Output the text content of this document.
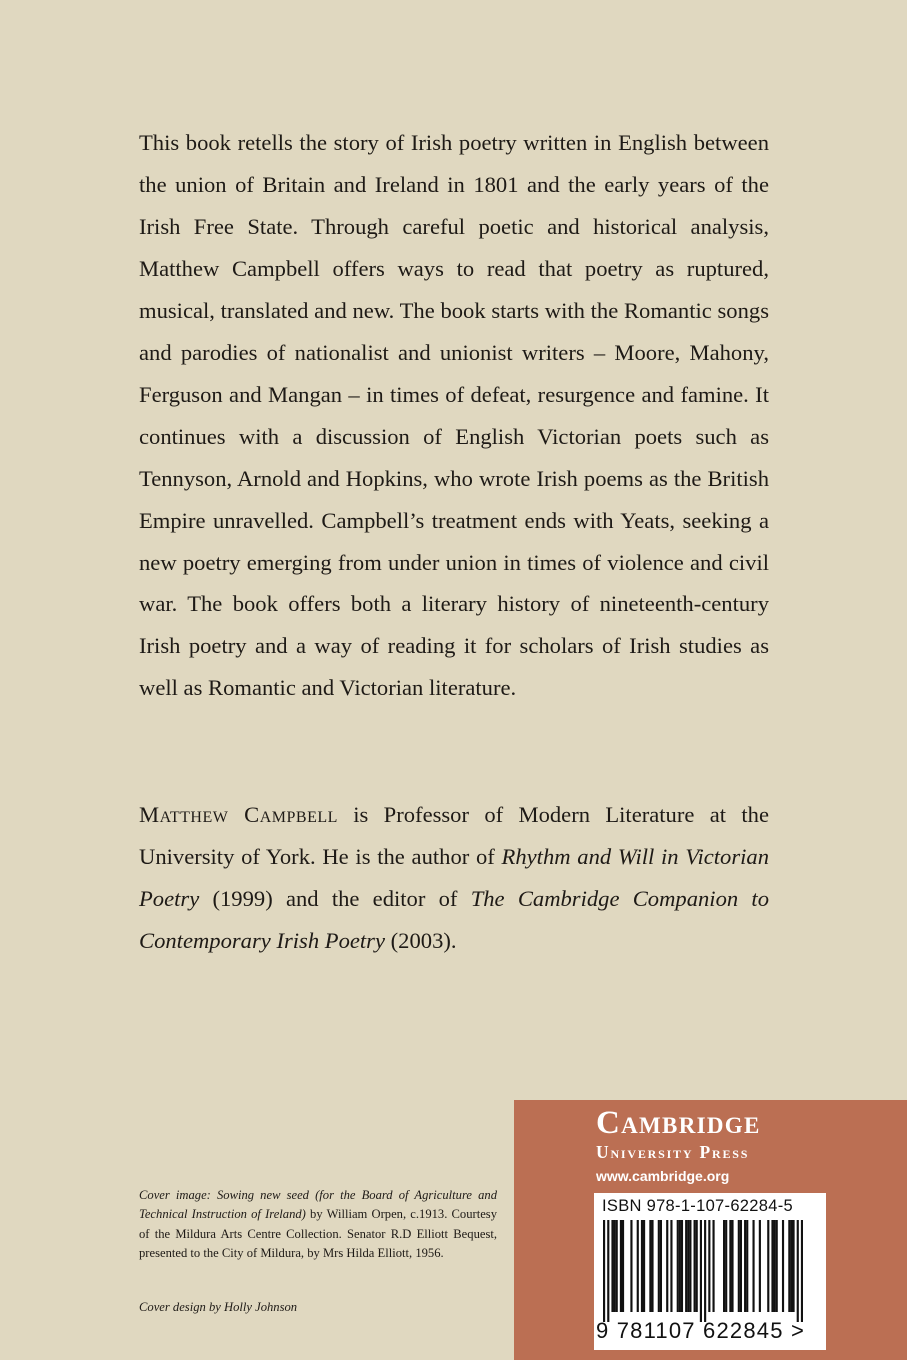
This book retells the story of Irish poetry written in English between the union of Britain and Ireland in 1801 and the early years of the Irish Free State. Through careful poetic and historical analysis, Matthew Campbell offers ways to read that poetry as ruptured, musical, translated and new. The book starts with the Romantic songs and parodies of nationalist and unionist writers – Moore, Mahony, Ferguson and Mangan – in times of defeat, resurgence and famine. It continues with a discussion of English Victorian poets such as Tennyson, Arnold and Hopkins, who wrote Irish poems as the British Empire unravelled. Campbell’s treatment ends with Yeats, seeking a new poetry emerging from under union in times of violence and civil war. The book offers both a literary history of nineteenth-century Irish poetry and a way of reading it for scholars of Irish studies as well as Romantic and Victorian literature.

Matthew Campbell is Professor of Modern Literature at the University of York. He is the author of Rhythm and Will in Victorian Poetry (1999) and the editor of The Cambridge Companion to Contemporary Irish Poetry (2003).

Cover image: Sowing new seed (for the Board of Agriculture and Technical Instruction of Ireland) by William Orpen, c.1913. Courtesy of the Mildura Arts Centre Collection. Senator R.D Elliott Bequest, presented to the City of Mildura, by Mrs Hilda Elliott, 1956.

Cover design by Holly Johnson

Cambridge

University Press

www.cambridge.org

ISBN 978-1-107-62284-5

9 781107 622845 >
